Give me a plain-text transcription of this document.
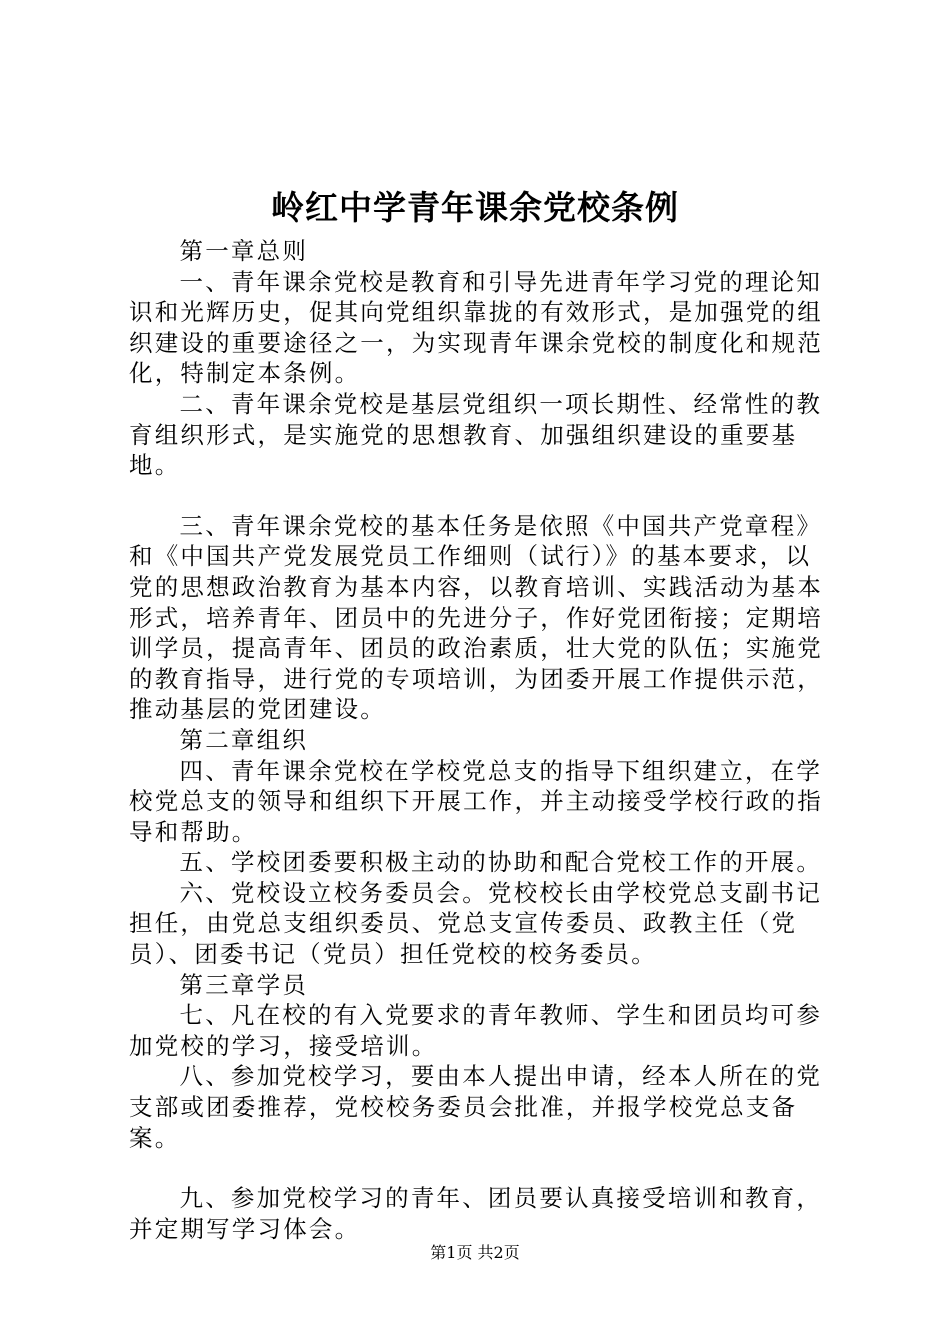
岭红中学青年课余党校条例

第一章总则

一、青年课余党校是教育和引导先进青年学习党的理论知识和光辉历史，促其向党组织靠拢的有效形式，是加强党的组织建设的重要途径之一，为实现青年课余党校的制度化和规范化，特制定本条例。

二、青年课余党校是基层党组织一项长期性、经常性的教育组织形式，是实施党的思想教育、加强组织建设的重要基地。

三、青年课余党校的基本任务是依照《中国共产党章程》和《中国共产党发展党员工作细则（试行）》的基本要求，以党的思想政治教育为基本内容，以教育培训、实践活动为基本形式，培养青年、团员中的先进分子，作好党团衔接；定期培训学员，提高青年、团员的政治素质，壮大党的队伍；实施党的教育指导，进行党的专项培训，为团委开展工作提供示范，推动基层的党团建设。

第二章组织

四、青年课余党校在学校党总支的指导下组织建立，在学校党总支的领导和组织下开展工作，并主动接受学校行政的指导和帮助。

五、学校团委要积极主动的协助和配合党校工作的开展。

六、党校设立校务委员会。党校校长由学校党总支副书记担任，由党总支组织委员、党总支宣传委员、政教主任（党员）、团委书记（党员）担任党校的校务委员。

第三章学员

七、凡在校的有入党要求的青年教师、学生和团员均可参加党校的学习，接受培训。

八、参加党校学习，要由本人提出申请，经本人所在的党支部或团委推荐，党校校务委员会批准，并报学校党总支备案。

九、参加党校学习的青年、团员要认真接受培训和教育，并定期写学习体会。

第1页 共2页
